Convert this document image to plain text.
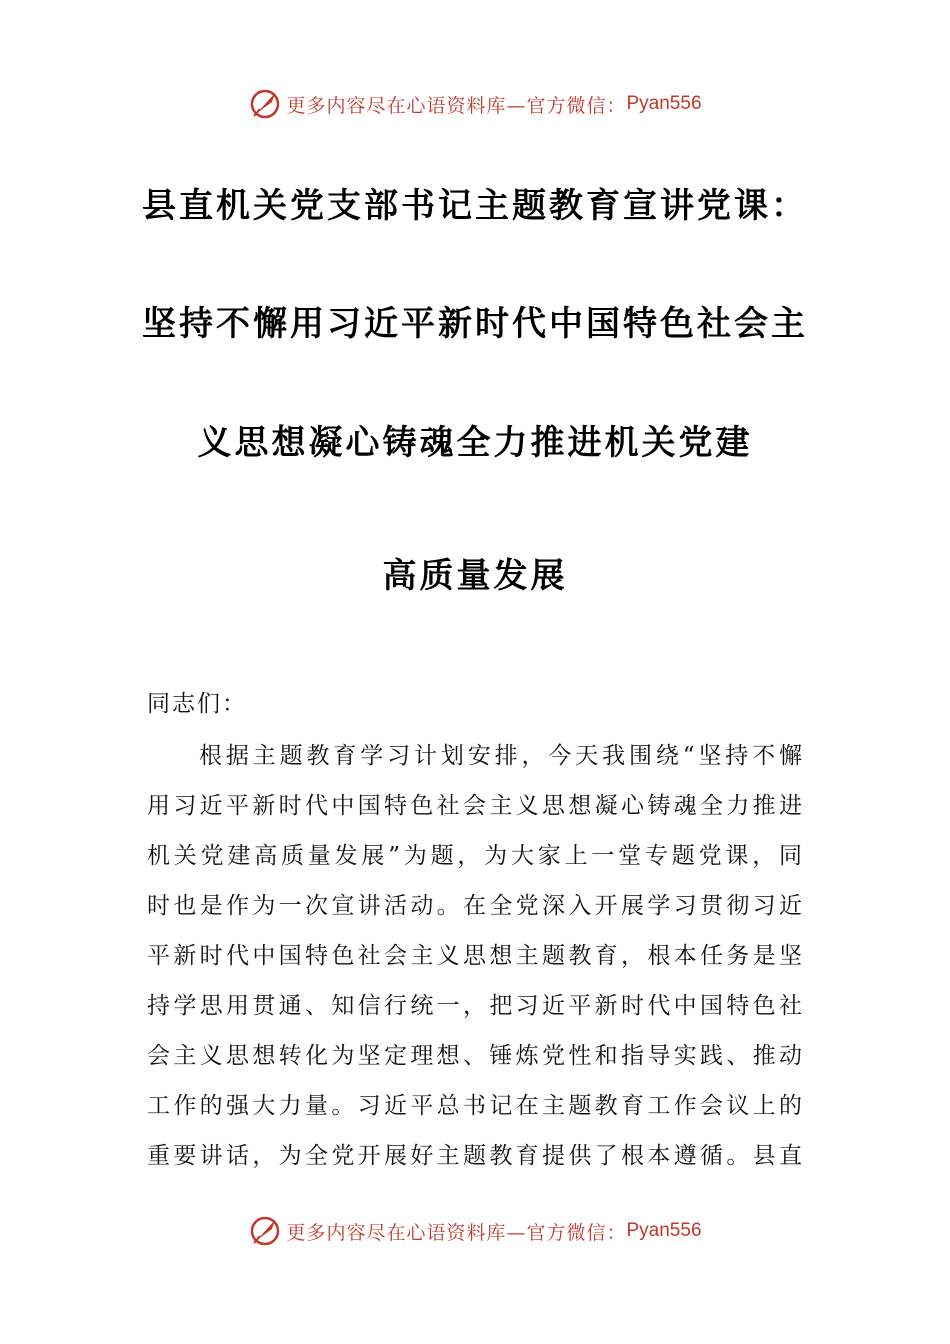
更多内容尽在心语资料库—官方微信： Pyan556
县直机关党支部书记主题教育宣讲党课：
坚持不懈用习近平新时代中国特色社会主
义思想凝心铸魂全力推进机关党建
高质量发展
同志们：
根据主题教育学习计划安排，今天我围绕“坚持不懈
用习近平新时代中国特色社会主义思想凝心铸魂全力推进
机关党建高质量发展”为题，为大家上一堂专题党课，同
时也是作为一次宣讲活动。在全党深入开展学习贯彻习近
平新时代中国特色社会主义思想主题教育，根本任务是坚
持学思用贯通、知信行统一，把习近平新时代中国特色社
会主义思想转化为坚定理想、锤炼党性和指导实践、推动
工作的强大力量。习近平总书记在主题教育工作会议上的
重要讲话，为全党开展好主题教育提供了根本遵循。县直
更多内容尽在心语资料库—官方微信： Pyan556
